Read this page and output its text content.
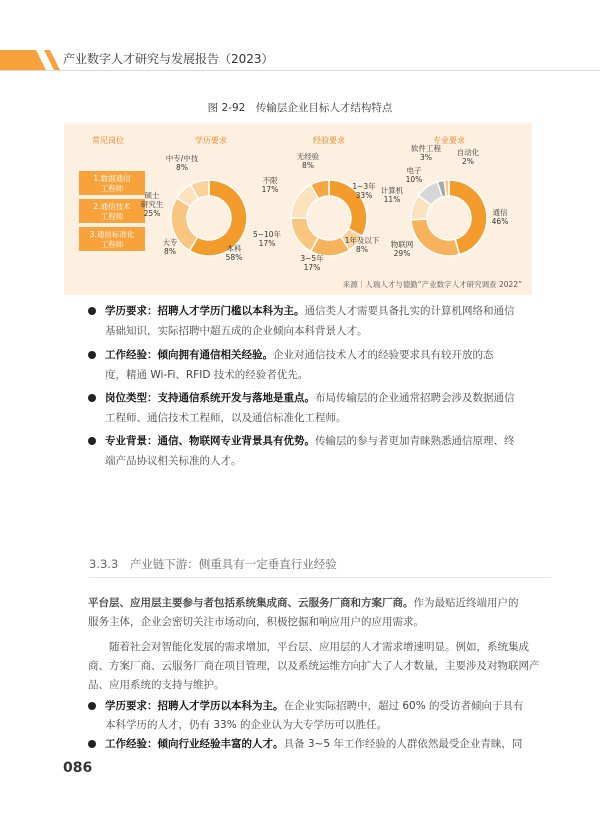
产业数字人才研究与发展报告（2023）
图 2-92　传输层企业目标人才结构特点
常见岗位	学历要求	经验要求	专业要求
1.数据通信工程师
2.通信技术工程师
3.通信标准化工程师
中专/中技 8%
硕士研究生 25%
大专 8%	本科 58%
无经验 8%
不限 17%	1~3年 33%
5~10年 17%	1年及以下 8%
3~5年 17%
软件工程 3%
自动化 2%
电子 10%
计算机 11%
通信 46%
物联网 29%
来源｜人瑞人才与德勤“产业数字人才研究调查 2022”
学历要求：招聘人才学历门槛以本科为主。通信类人才需要具备扎实的计算机网络和通信
基础知识，实际招聘中超五成的企业倾向本科背景人才。
工作经验：倾向拥有通信相关经验。企业对通信技术人才的经验要求具有较开放的态
度，精通 Wi-Fi、RFID 技术的经验者优先。
岗位类型：支持通信系统开发与落地是重点。布局传输层的企业通常招聘会涉及数据通信
工程师、通信技术工程师，以及通信标准化工程师。
专业背景：通信、物联网专业背景具有优势。传输层的参与者更加青睐熟悉通信原理、终
端产品协议相关标准的人才。
3.3.3　产业链下游：侧重具有一定垂直行业经验
平台层、应用层主要参与者包括系统集成商、云服务厂商和方案厂商。作为最贴近终端用户的
服务主体，企业会密切关注市场动向，积极挖掘和响应用户的应用需求。
随着社会对智能化发展的需求增加，平台层、应用层的人才需求增速明显。例如，系统集成
商、方案厂商、云服务厂商在项目管理，以及系统运维方向扩大了人才数量，主要涉及对物联网产
品、应用系统的支持与维护。
学历要求：招聘人才学历以本科为主。在企业实际招聘中，超过 60% 的受访者倾向于具有
本科学历的人才，仍有 33% 的企业认为大专学历可以胜任。
086
工作经验：倾向行业经验丰富的人才。具备 3~5 年工作经验的人群依然最受企业青睐，同
